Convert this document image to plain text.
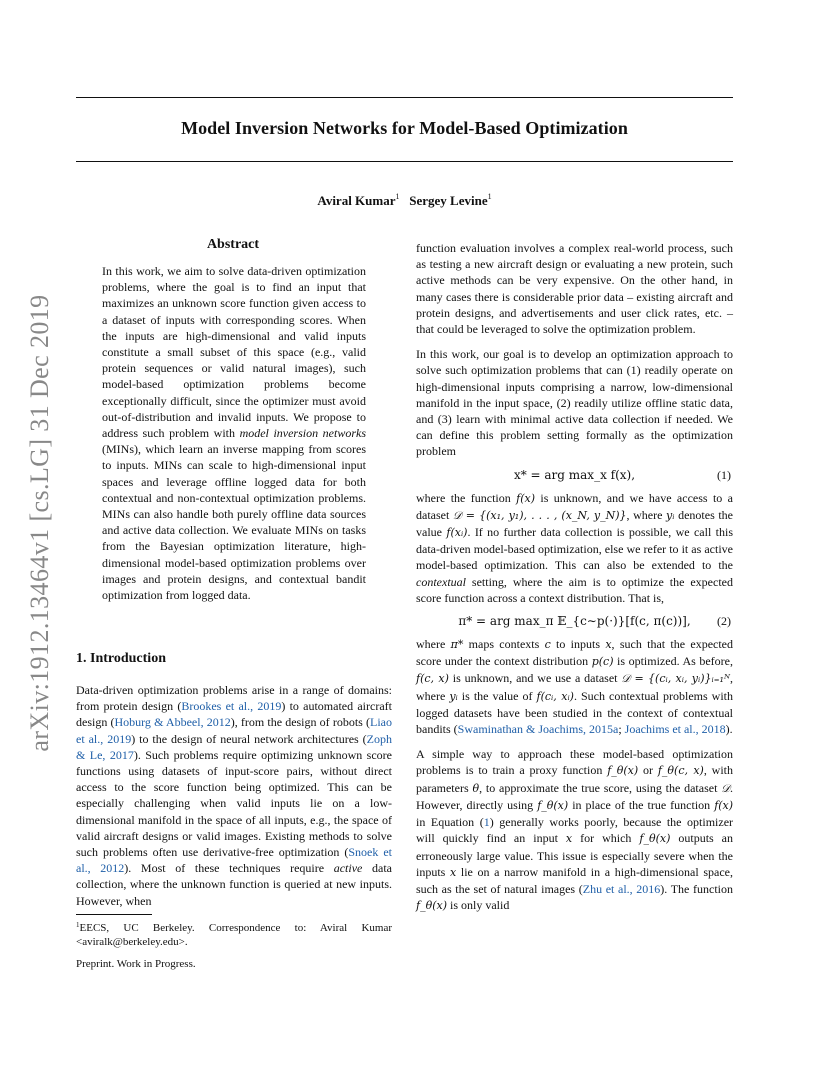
arXiv:1912.13464v1 [cs.LG] 31 Dec 2019
Model Inversion Networks for Model-Based Optimization
Aviral Kumar$^1$ Sergey Levine$^1$
Abstract

In this work, we aim to solve data-driven optimization problems, where the goal is to find an input that maximizes an unknown score function given access to a dataset of inputs with corresponding scores. When the inputs are high-dimensional and valid inputs constitute a small subset of this space (e.g., valid protein sequences or valid natural images), such model-based optimization problems become exceptionally difficult, since the optimizer must avoid out-of-distribution and invalid inputs. We propose to address such problem with model inversion networks (MINs), which learn an inverse mapping from scores to inputs. MINs can scale to high-dimensional input spaces and leverage offline logged data for both contextual and non-contextual optimization problems. MINs can also handle both purely offline data sources and active data collection. We evaluate MINs on tasks from the Bayesian optimization literature, high-dimensional model-based optimization problems over images and protein designs, and contextual bandit optimization from logged data.

1. Introduction

Data-driven optimization problems arise in a range of domains: from protein design (Brookes et al., 2019) to automated aircraft design (Hoburg & Abbeel, 2012), from the design of robots (Liao et al., 2019) to the design of neural network architectures (Zoph & Le, 2017). Such problems require optimizing unknown score functions using datasets of input-score pairs, without direct access to the score function being optimized. This can be especially challenging when valid inputs lie on a low-dimensional manifold in the space of all inputs, e.g., the space of valid aircraft designs or valid images. Existing methods to solve such problems often use derivative-free optimization (Snoek et al., 2012). Most of these techniques require active data collection, where the unknown function is queried at new inputs. However, when

$^1$EECS, UC Berkeley. Correspondence to: Aviral Kumar <aviralk@berkeley.edu>.
Preprint. Work in Progress.

function evaluation involves a complex real-world process, such as testing a new aircraft design or evaluating a new protein, such active methods can be very expensive. On the other hand, in many cases there is considerable prior data – existing aircraft and protein designs, and advertisements and user click rates, etc. – that could be leveraged to solve the optimization problem.

In this work, our goal is to develop an optimization approach to solve such optimization problems that can (1) readily operate on high-dimensional inputs comprising a narrow, low-dimensional manifold in the input space, (2) readily utilize offline static data, and (3) learn with minimal active data collection if needed. We can define this problem setting formally as the optimization problem

x* = arg max_x f(x),	(1)

where the function f(x) is unknown, and we have access to a dataset 𝒟 = {(x₁, y₁), . . . , (x_N, y_N)}, where yᵢ denotes the value f(xᵢ). If no further data collection is possible, we call this data-driven model-based optimization, else we refer to it as active model-based optimization. This can also be extended to the contextual setting, where the aim is to optimize the expected score function across a context distribution. That is,

π* = arg max_π 𝔼_{c∼p(·)}[f(c, π(c))],	(2)

where π* maps contexts c to inputs x, such that the expected score under the context distribution p(c) is optimized. As before, f(c, x) is unknown, and we use a dataset 𝒟 = {(cᵢ, xᵢ, yᵢ)}ᵢ₌₁ᴺ, where yᵢ is the value of f(cᵢ, xᵢ). Such contextual problems with logged datasets have been studied in the context of contextual bandits (Swaminathan & Joachims, 2015a; Joachims et al., 2018).

A simple way to approach these model-based optimization problems is to train a proxy function f_θ(x) or f_θ(c, x), with parameters θ, to approximate the true score, using the dataset 𝒟. However, directly using f_θ(x) in place of the true function f(x) in Equation (1) generally works poorly, because the optimizer will quickly find an input x for which f_θ(x) outputs an erroneously large value. This issue is especially severe when the inputs x lie on a narrow manifold in a high-dimensional space, such as the set of natural images (Zhu et al., 2016). The function f_θ(x) is only valid
